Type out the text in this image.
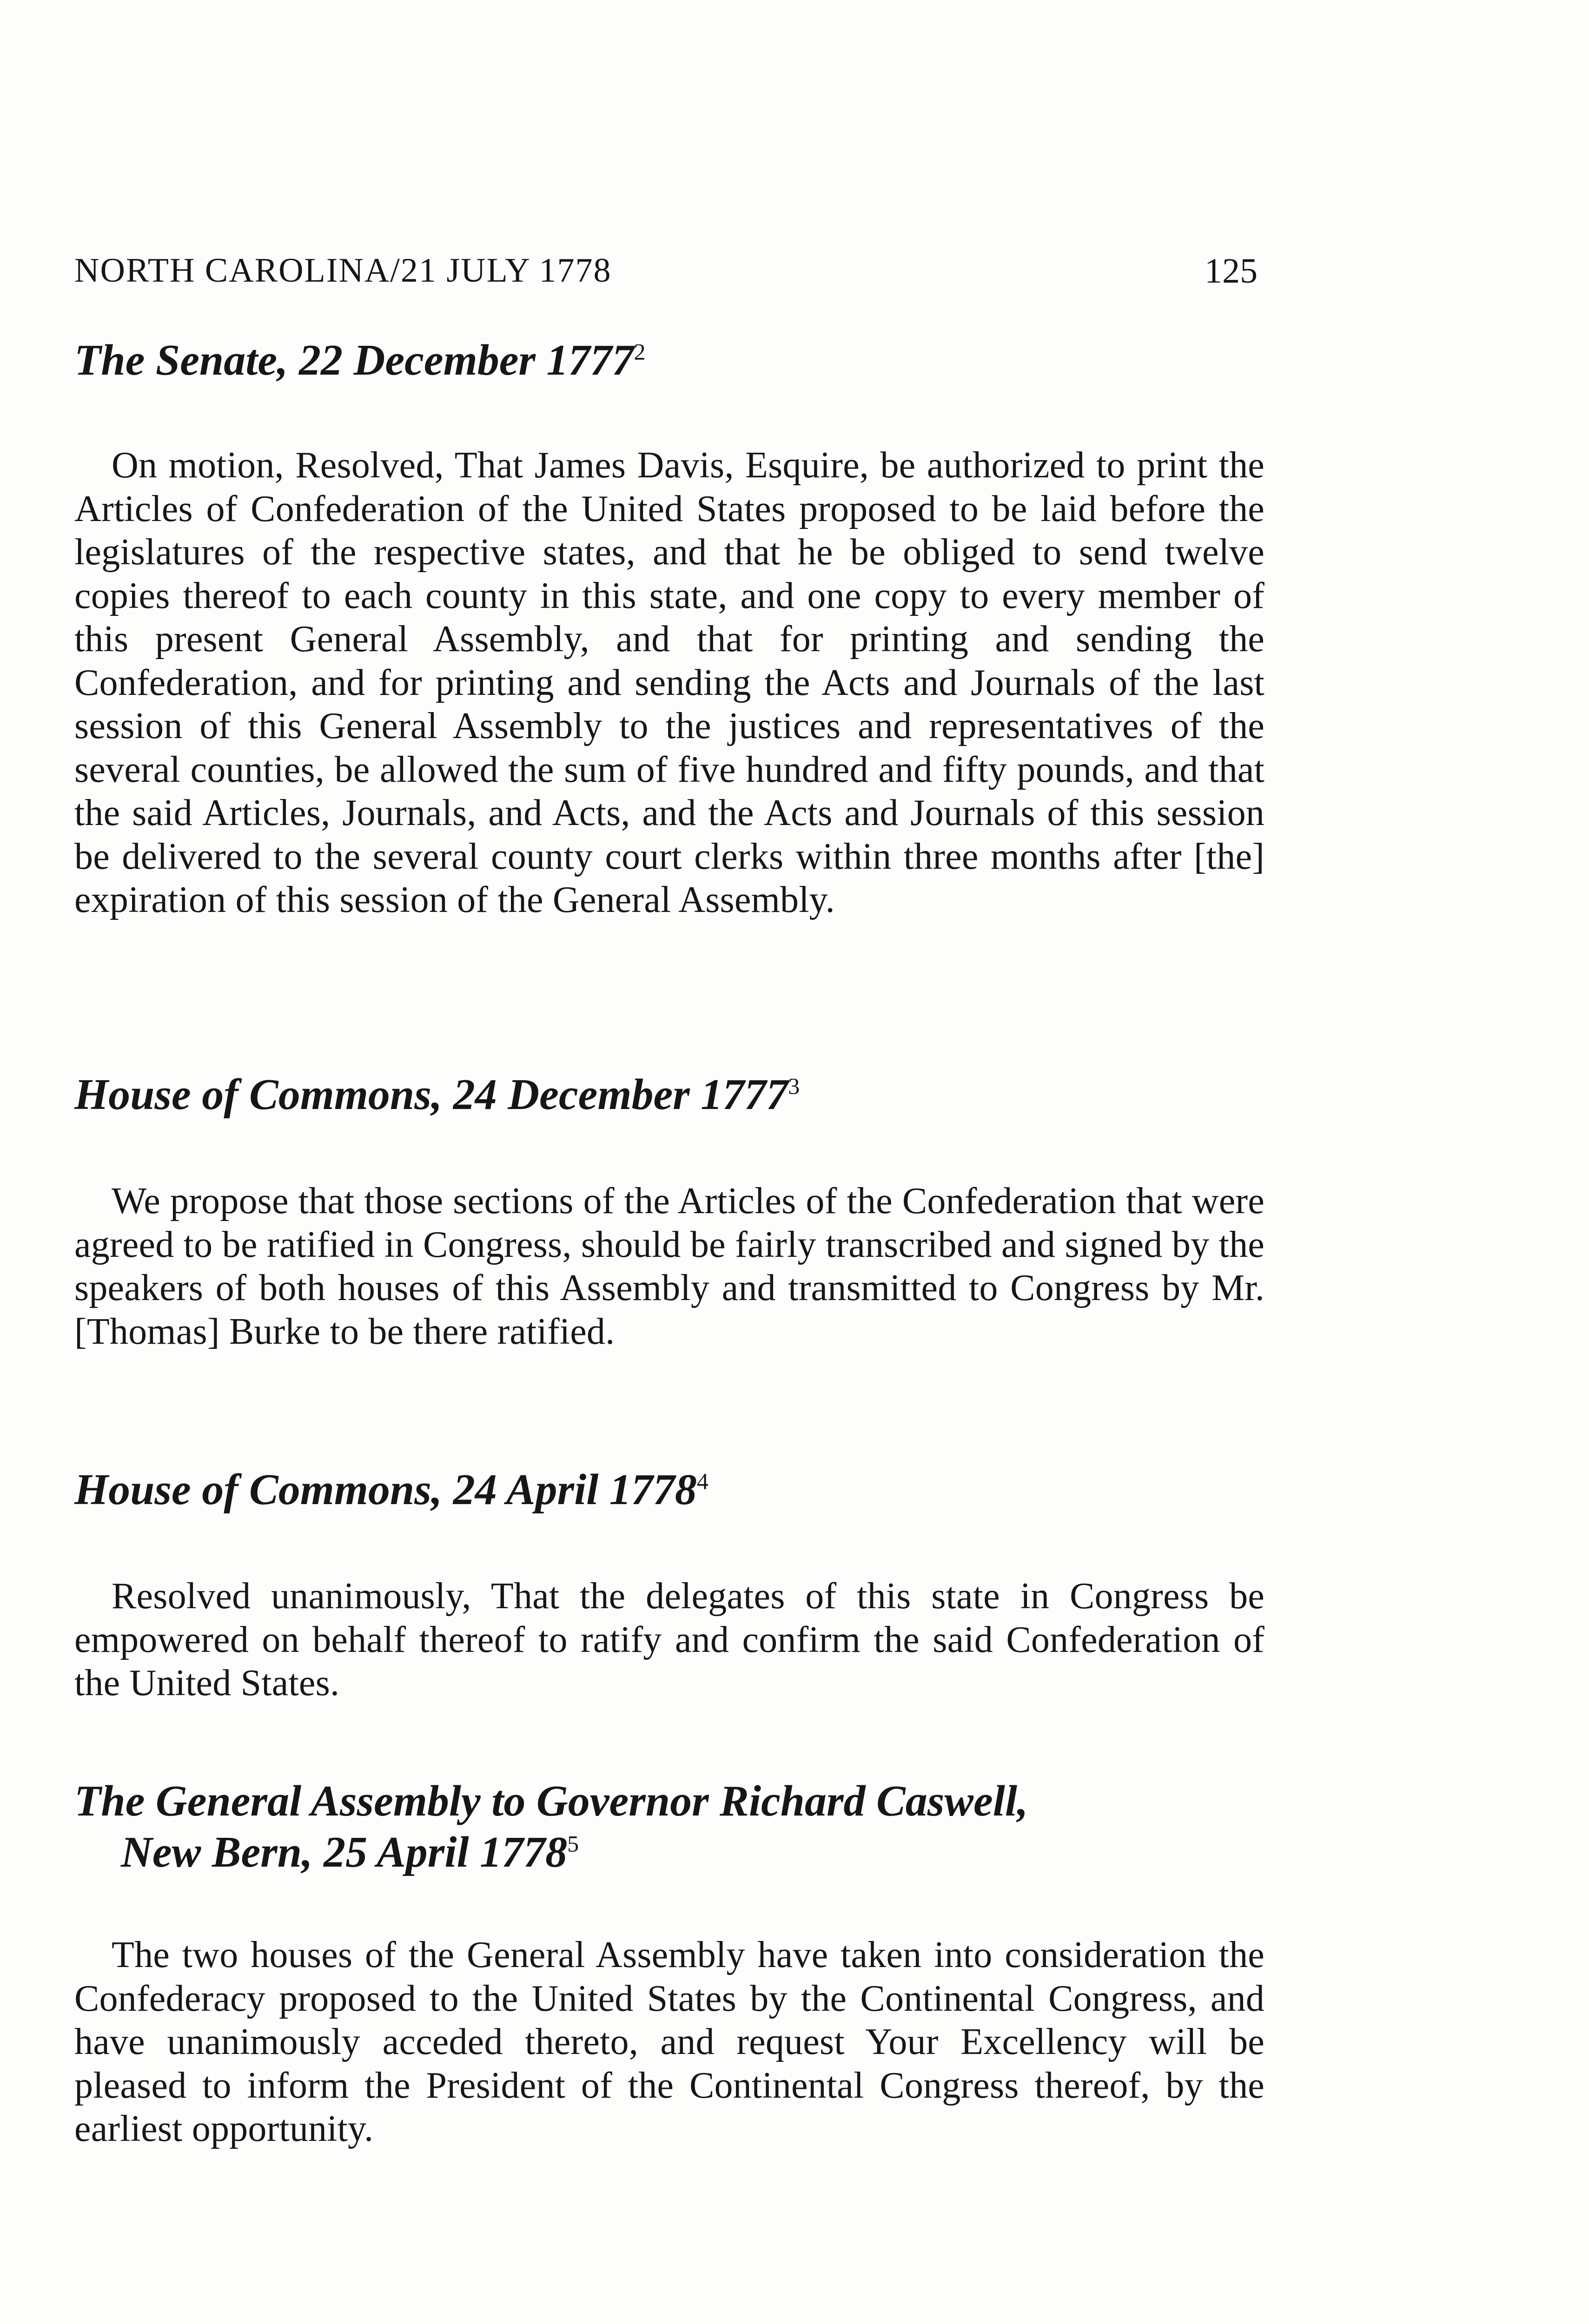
NORTH CAROLINA/21 JULY 1778	125
The Senate, 22 December 1777$^2$

On motion, Resolved, That James Davis, Esquire, be authorized to print the Articles of Confederation of the United States proposed to be laid before the legislatures of the respective states, and that he be obliged to send twelve copies thereof to each county in this state, and one copy to every member of this present General Assembly, and that for printing and sending the Confederation, and for printing and sending the Acts and Journals of the last session of this General Assembly to the justices and representatives of the several counties, be allowed the sum of five hundred and fifty pounds, and that the said Articles, Journals, and Acts, and the Acts and Journals of this session be delivered to the several county court clerks within three months after [the] expiration of this session of the General Assembly.

House of Commons, 24 December 1777$^3$

We propose that those sections of the Articles of the Confederation that were agreed to be ratified in Congress, should be fairly transcribed and signed by the speakers of both houses of this Assembly and transmitted to Congress by Mr. [Thomas] Burke to be there ratified.

House of Commons, 24 April 1778$^4$

Resolved unanimously, That the delegates of this state in Congress be empowered on behalf thereof to ratify and confirm the said Confederation of the United States.

The General Assembly to Governor Richard Caswell,
New Bern, 25 April 1778$^5$

The two houses of the General Assembly have taken into consideration the Confederacy proposed to the United States by the Continental Congress, and have unanimously acceded thereto, and request Your Excellency will be pleased to inform the President of the Continental Congress thereof, by the earliest opportunity.
